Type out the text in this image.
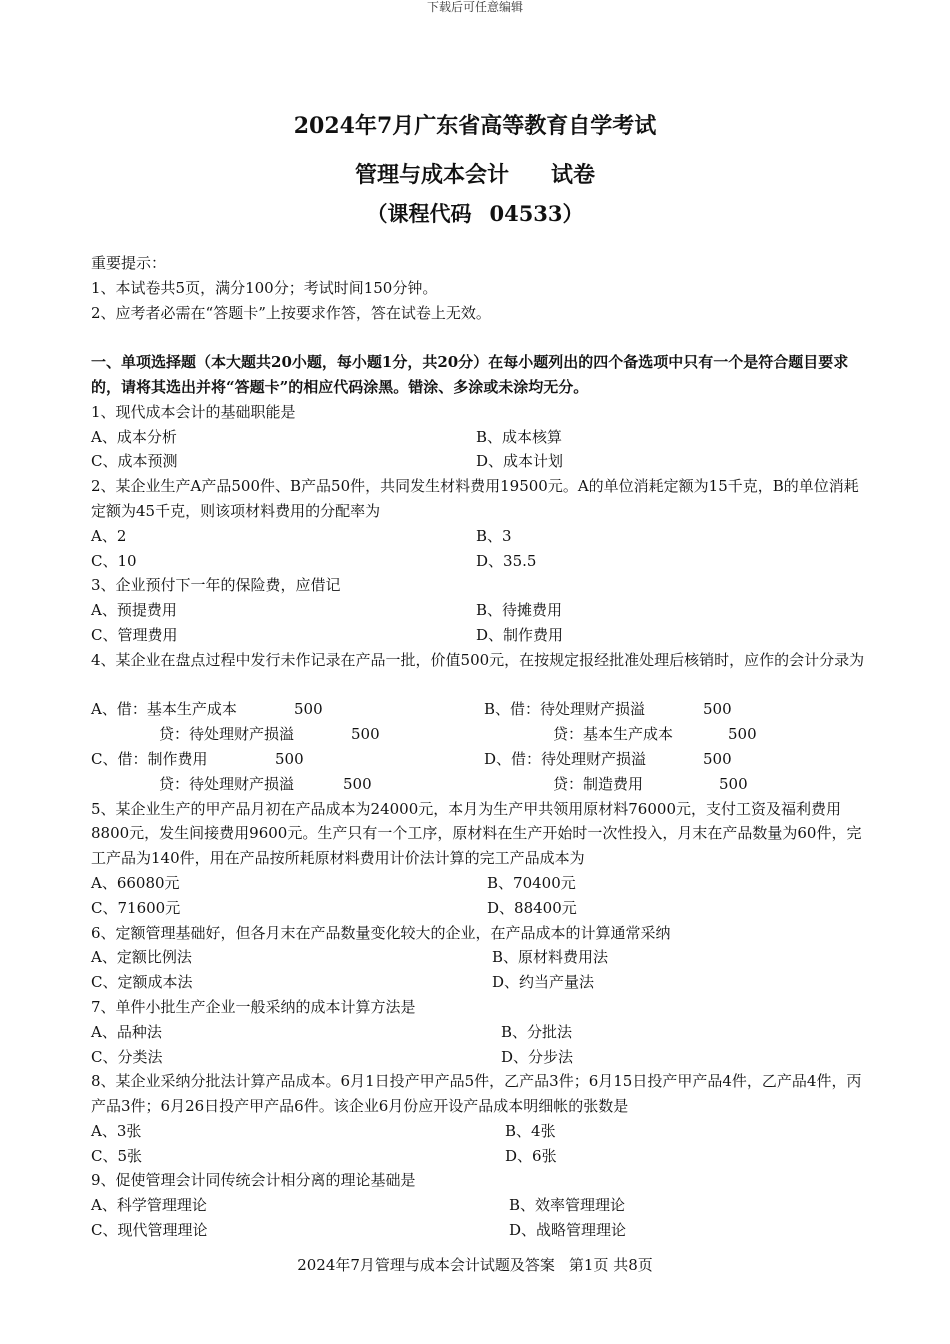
下载后可任意编辑
2024年7月广东省高等教育自学考试
管理与成本会计 试卷
（课程代码 04533）
重要提示：
1、本试卷共5页，满分100分；考试时间150分钟。
2、应考者必需在“答题卡”上按要求作答，答在试卷上无效。
一、单项选择题（本大题共20小题，每小题1分，共20分）在每小题列出的四个备选项中只有一个是符合题目要求的，请将其选出并将“答题卡”的相应代码涂黑。错涂、多涂或未涂均无分。
1、现代成本会计的基础职能是
A、成本分析	B、成本核算
C、成本预测	D、成本计划
2、某企业生产A产品500件、B产品50件，共同发生材料费用19500元。A的单位消耗定额为15千克，B的单位消耗定额为45千克，则该项材料费用的分配率为
A、2	B、3
C、10	D、35.5
3、企业预付下一年的保险费，应借记
A、预提费用	B、待摊费用
C、管理费用	D、制作费用
4、某企业在盘点过程中发行未作记录在产品一批，价值500元，在按规定报经批准处理后核销时，应作的会计分录为
A、借：基本生产成本	500	B、借：待处理财产损溢	500
贷：待处理财产损溢	500	贷：基本生产成本	500
C、借：制作费用	500	D、借：待处理财产损溢	500
贷：待处理财产损溢	500	贷：制造费用	500
5、某企业生产的甲产品月初在产品成本为24000元，本月为生产甲共领用原材料76000元，支付工资及福利费用8800元，发生间接费用9600元。生产只有一个工序，原材料在生产开始时一次性投入，月末在产品数量为60件，完工产品为140件，用在产品按所耗原材料费用计价法计算的完工产品成本为
A、66080元	B、70400元
C、71600元	D、88400元
6、定额管理基础好，但各月末在产品数量变化较大的企业，在产品成本的计算通常采纳
A、定额比例法	B、原材料费用法
C、定额成本法	D、约当产量法
7、单件小批生产企业一般采纳的成本计算方法是
A、品种法	B、分批法
C、分类法	D、分步法
8、某企业采纳分批法计算产品成本。6月1日投产甲产品5件，乙产品3件；6月15日投产甲产品4件，乙产品4件，丙产品3件；6月26日投产甲产品6件。该企业6月份应开设产品成本明细帐的张数是
A、3张	B、4张
C、5张	D、6张
9、促使管理会计同传统会计相分离的理论基础是
A、科学管理理论	B、效率管理理论
C、现代管理理论	D、战略管理理论
2024年7月管理与成本会计试题及答案 第1页 共8页
